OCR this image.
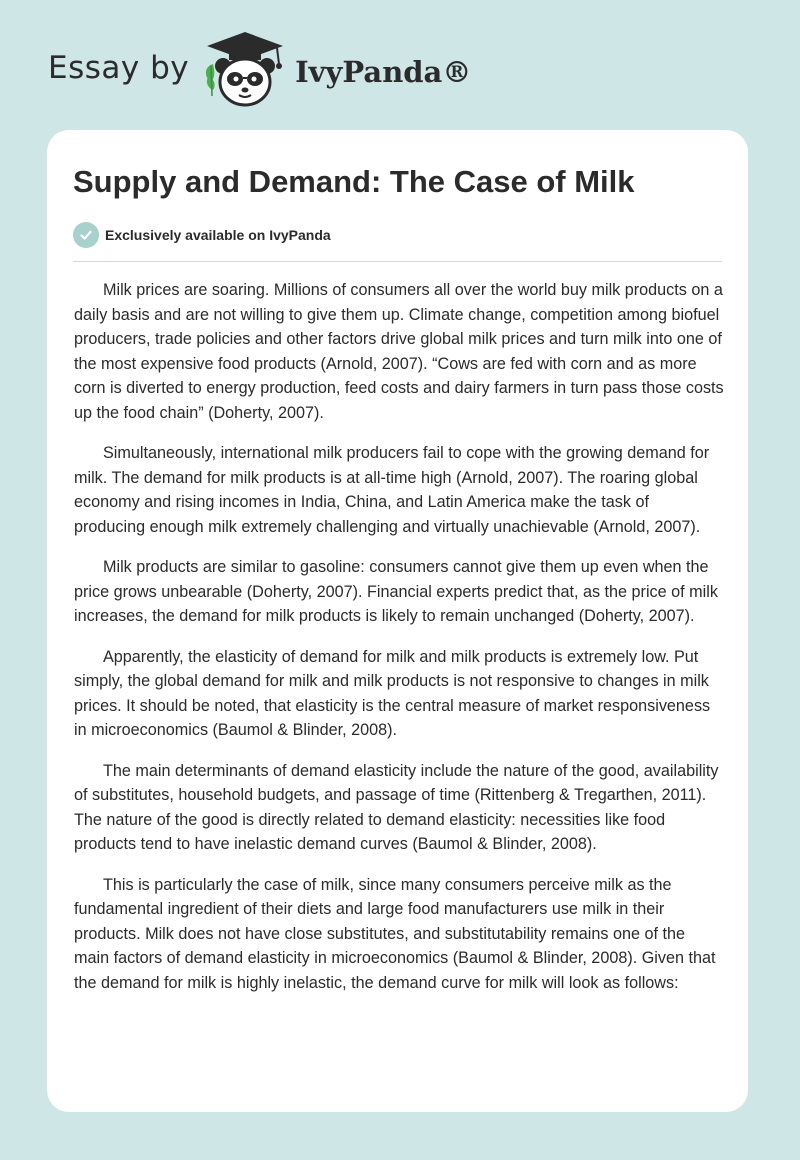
Essay by	IvyPanda®
Supply and Demand: The Case of Milk
Exclusively available on IvyPanda

Milk prices are soaring. Millions of consumers all over the world buy milk products on a daily basis and are not willing to give them up. Climate change, competition among biofuel producers, trade policies and other factors drive global milk prices and turn milk into one of the most expensive food products (Arnold, 2007). “Cows are fed with corn and as more corn is diverted to energy production, feed costs and dairy farmers in turn pass those costs up the food chain” (Doherty, 2007).

Simultaneously, international milk producers fail to cope with the growing demand for milk. The demand for milk products is at all-time high (Arnold, 2007). The roaring global economy and rising incomes in India, China, and Latin America make the task of producing enough milk extremely challenging and virtually unachievable (Arnold, 2007).

Milk products are similar to gasoline: consumers cannot give them up even when the price grows unbearable (Doherty, 2007). Financial experts predict that, as the price of milk increases, the demand for milk products is likely to remain unchanged (Doherty, 2007).

Apparently, the elasticity of demand for milk and milk products is extremely low. Put simply, the global demand for milk and milk products is not responsive to changes in milk prices. It should be noted, that elasticity is the central measure of market responsiveness in microeconomics (Baumol & Blinder, 2008).

The main determinants of demand elasticity include the nature of the good, availability of substitutes, household budgets, and passage of time (Rittenberg & Tregarthen, 2011). The nature of the good is directly related to demand elasticity: necessities like food products tend to have inelastic demand curves (Baumol & Blinder, 2008).

This is particularly the case of milk, since many consumers perceive milk as the fundamental ingredient of their diets and large food manufacturers use milk in their products. Milk does not have close substitutes, and substitutability remains one of the main factors of demand elasticity in microeconomics (Baumol & Blinder, 2008). Given that the demand for milk is highly inelastic, the demand curve for milk will look as follows:
